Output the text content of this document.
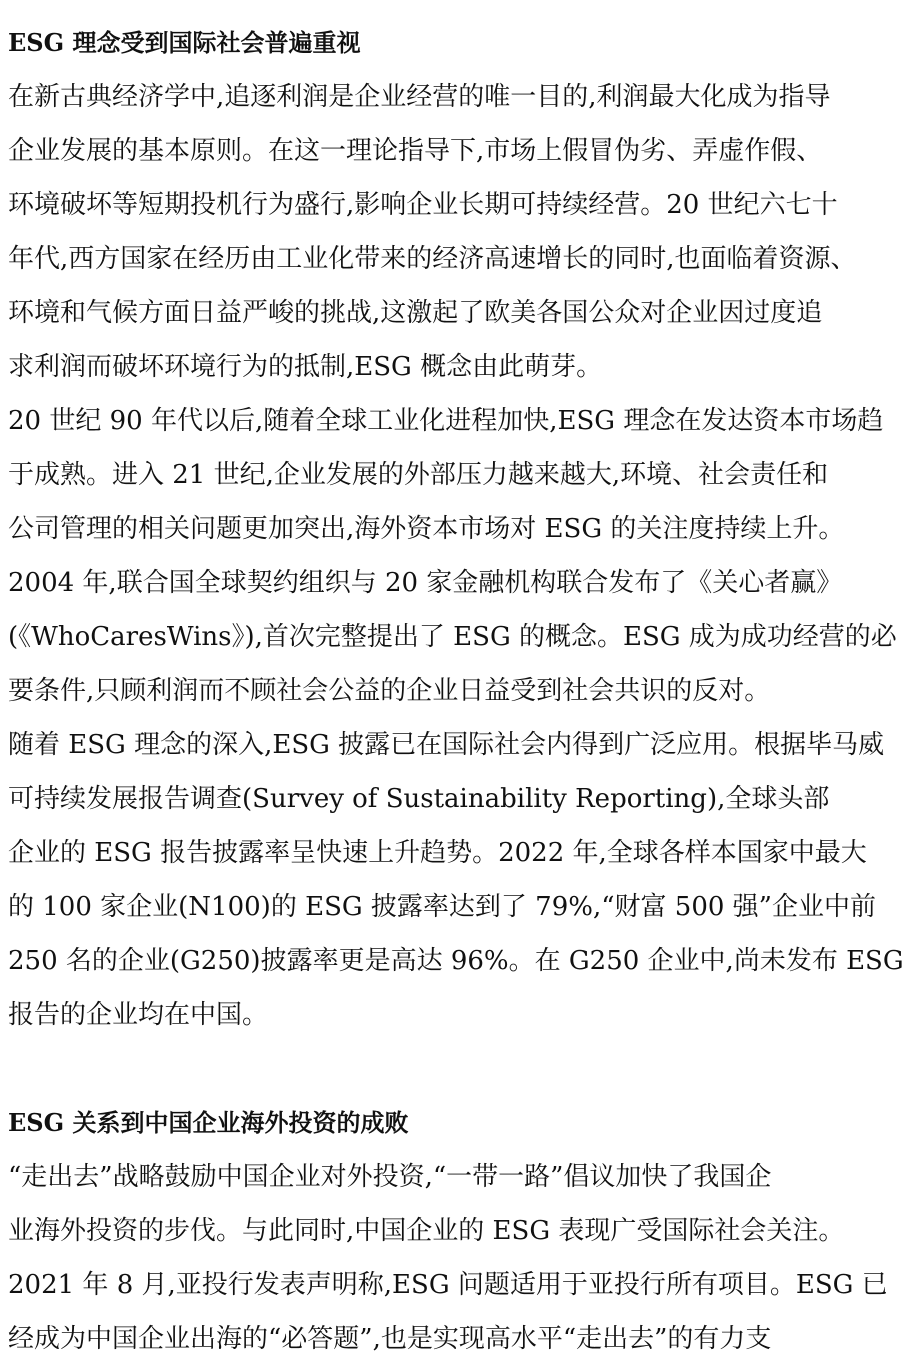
ESG 理念受到国际社会普遍重视
在新古典经济学中,追逐利润是企业经营的唯一目的,利润最大化成为指导
企业发展的基本原则。在这一理论指导下,市场上假冒伪劣、弄虚作假、
环境破坏等短期投机行为盛行,影响企业长期可持续经营。20 世纪六七十
年代,西方国家在经历由工业化带来的经济高速增长的同时,也面临着资源、
环境和气候方面日益严峻的挑战,这激起了欧美各国公众对企业因过度追
求利润而破坏环境行为的抵制,ESG 概念由此萌芽。
20 世纪 90 年代以后,随着全球工业化进程加快,ESG 理念在发达资本市场趋
于成熟。进入 21 世纪,企业发展的外部压力越来越大,环境、社会责任和
公司管理的相关问题更加突出,海外资本市场对 ESG 的关注度持续上升。
2004 年,联合国全球契约组织与 20 家金融机构联合发布了《关心者赢》
(《WhoCaresWins》),首次完整提出了 ESG 的概念。ESG 成为成功经营的必
要条件,只顾利润而不顾社会公益的企业日益受到社会共识的反对。
随着 ESG 理念的深入,ESG 披露已在国际社会内得到广泛应用。根据毕马威
可持续发展报告调查(Survey of Sustainability Reporting),全球头部
企业的 ESG 报告披露率呈快速上升趋势。2022 年,全球各样本国家中最大
的 100 家企业(N100)的 ESG 披露率达到了 79%,“财富 500 强”企业中前
250 名的企业(G250)披露率更是高达 96%。在 G250 企业中,尚未发布 ESG
报告的企业均在中国。
ESG 关系到中国企业海外投资的成败
“走出去”战略鼓励中国企业对外投资,“一带一路”倡议加快了我国企
业海外投资的步伐。与此同时,中国企业的 ESG 表现广受国际社会关注。
2021 年 8 月,亚投行发表声明称,ESG 问题适用于亚投行所有项目。ESG 已
经成为中国企业出海的“必答题”,也是实现高水平“走出去”的有力支
